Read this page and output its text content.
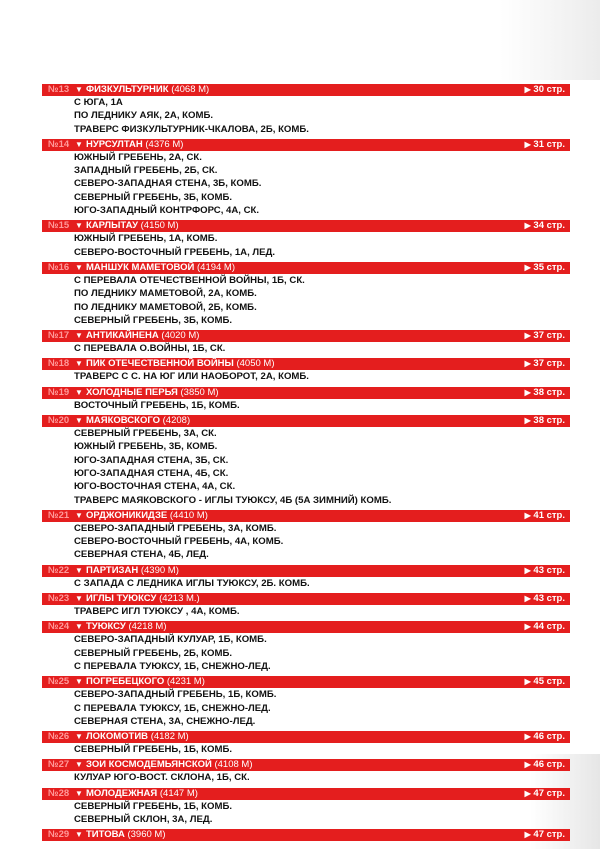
№13 ▼ ФИЗКУЛЬТУРНИК (4068 М)	▶ 30 стр.
С ЮГА, 1А
ПО ЛЕДНИКУ АЯК, 2А, КОМБ.
ТРАВЕРС ФИЗКУЛЬТУРНИК-ЧКАЛОВА, 2Б, КОМБ.
№14 ▼ НУРСУЛТАН (4376 М)	▶ 31 стр.
ЮЖНЫЙ ГРЕБЕНЬ, 2А, СК.
ЗАПАДНЫЙ ГРЕБЕНЬ, 2Б, СК.
СЕВЕРО-ЗАПАДНАЯ СТЕНА, 3Б, КОМБ.
СЕВЕРНЫЙ ГРЕБЕНЬ, 3Б, КОМБ.
ЮГО-ЗАПАДНЫЙ КОНТРФОРС, 4А, СК.
№15 ▼ КАРЛЫТАУ (4150 М)	▶ 34 стр.
ЮЖНЫЙ ГРЕБЕНЬ, 1А, КОМБ.
СЕВЕРО-ВОСТОЧНЫЙ ГРЕБЕНЬ, 1А, ЛЕД.
№16 ▼ МАНШУК МАМЕТОВОЙ (4194 М)	▶ 35 стр.
С ПЕРЕВАЛА ОТЕЧЕСТВЕННОЙ ВОЙНЫ, 1Б, СК.
ПО ЛЕДНИКУ МАМЕТОВОЙ, 2А, КОМБ.
ПО ЛЕДНИКУ МАМЕТОВОЙ, 2Б, КОМБ.
СЕВЕРНЫЙ ГРЕБЕНЬ, 3Б, КОМБ.
№17 ▼ АНТИКАЙНЕНА (4020 М)	▶ 37 стр.
С ПЕРЕВАЛА О.ВОЙНЫ, 1Б, СК.
№18 ▼ ПИК ОТЕЧЕСТВЕННОЙ ВОЙНЫ (4050 М)	▶ 37 стр.
ТРАВЕРС С С. НА ЮГ ИЛИ НАОБОРОТ, 2А, КОМБ.
№19 ▼ ХОЛОДНЫЕ ПЕРЬЯ (3850 М)	▶ 38 стр.
ВОСТОЧНЫЙ ГРЕБЕНЬ, 1Б, КОМБ.
№20 ▼ МАЯКОВСКОГО (4208)	▶ 38 стр.
СЕВЕРНЫЙ ГРЕБЕНЬ, 3А, СК.
ЮЖНЫЙ ГРЕБЕНЬ, 3Б, КОМБ.
ЮГО-ЗАПАДНАЯ СТЕНА, 3Б, СК.
ЮГО-ЗАПАДНАЯ СТЕНА, 4Б, СК.
ЮГО-ВОСТОЧНАЯ СТЕНА, 4А, СК.
ТРАВЕРС МАЯКОВСКОГО - ИГЛЫ ТУЮКСУ, 4Б (5А ЗИМНИЙ) КОМБ.
№21 ▼ ОРДЖОНИКИДЗЕ (4410 М)	▶ 41 стр.
СЕВЕРО-ЗАПАДНЫЙ ГРЕБЕНЬ, 3А, КОМБ.
СЕВЕРО-ВОСТОЧНЫЙ ГРЕБЕНЬ, 4А, КОМБ.
СЕВЕРНАЯ СТЕНА, 4Б, ЛЕД.
№22 ▼ ПАРТИЗАН (4390 М)	▶ 43 стр.
С ЗАПАДА С ЛЕДНИКА ИГЛЫ ТУЮКСУ, 2Б. КОМБ.
№23 ▼ ИГЛЫ ТУЮКСУ (4213 М.)	▶ 43 стр.
ТРАВЕРС ИГЛ ТУЮКСУ , 4А, КОМБ.
№24 ▼ ТУЮКСУ (4218 М)	▶ 44 стр.
СЕВЕРО-ЗАПАДНЫЙ КУЛУАР, 1Б, КОМБ.
СЕВЕРНЫЙ ГРЕБЕНЬ, 2Б, КОМБ.
С ПЕРЕВАЛА ТУЮКСУ, 1Б, СНЕЖНО-ЛЕД.
№25 ▼ ПОГРЕБЕЦКОГО (4231 М)	▶ 45 стр.
СЕВЕРО-ЗАПАДНЫЙ ГРЕБЕНЬ, 1Б, КОМБ.
С ПЕРЕВАЛА ТУЮКСУ, 1Б, СНЕЖНО-ЛЕД.
СЕВЕРНАЯ СТЕНА, 3А, СНЕЖНО-ЛЕД.
№26 ▼ ЛОКОМОТИВ (4182 М)	▶ 46 стр.
СЕВЕРНЫЙ ГРЕБЕНЬ, 1Б, КОМБ.
№27 ▼ ЗОИ КОСМОДЕМЬЯНСКОЙ (4108 М)	▶ 46 стр.
КУЛУАР ЮГО-ВОСТ. СКЛОНА, 1Б, СК.
№28 ▼ МОЛОДЕЖНАЯ (4147 М)	▶ 47 стр.
СЕВЕРНЫЙ ГРЕБЕНЬ, 1Б, КОМБ.
СЕВЕРНЫЙ СКЛОН, 3А, ЛЕД.
№29 ▼ ТИТОВА (3960 М)	▶ 47 стр.
